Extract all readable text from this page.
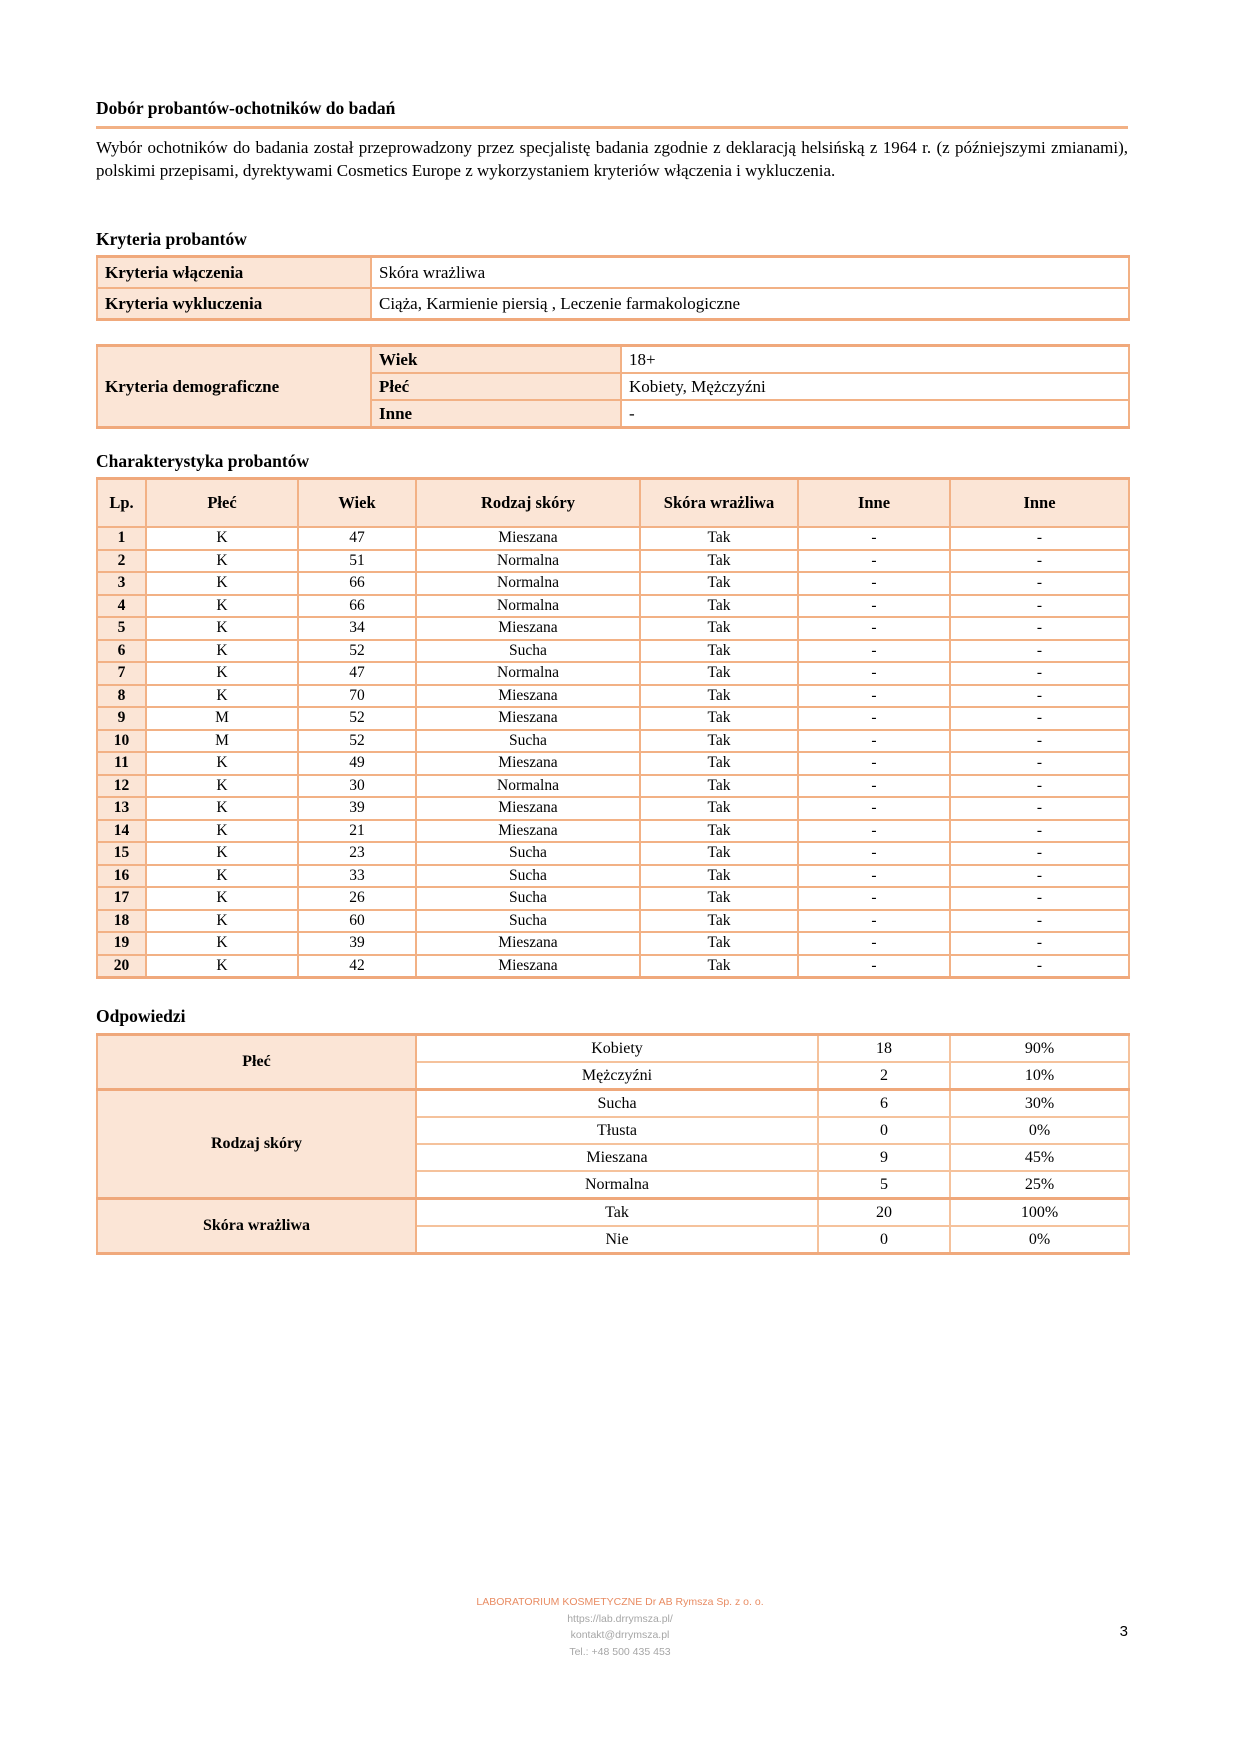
Dobór probantów-ochotników do badań

Wybór ochotników do badania został przeprowadzony przez specjalistę badania zgodnie z deklaracją helsińską z 1964 r. (z późniejszymi zmianami), polskimi przepisami, dyrektywami Cosmetics Europe z wykorzystaniem kryteriów włączenia i wykluczenia.

Kryteria probantów
Kryteria włączenia	Skóra wrażliwa
Kryteria wykluczenia	Ciąża, Karmienie piersią , Leczenie farmakologiczne
Kryteria demograficzne	Wiek	18+
	Płeć	Kobiety, Mężczyźni
	Inne	-
Charakterystyka probantów
Lp.	Płeć	Wiek	Rodzaj skóry	Skóra wrażliwa	Inne	Inne
1	K	47	Mieszana	Tak	-	-
2	K	51	Normalna	Tak	-	-
3	K	66	Normalna	Tak	-	-
4	K	66	Normalna	Tak	-	-
5	K	34	Mieszana	Tak	-	-
6	K	52	Sucha	Tak	-	-
7	K	47	Normalna	Tak	-	-
8	K	70	Mieszana	Tak	-	-
9	M	52	Mieszana	Tak	-	-
10	M	52	Sucha	Tak	-	-
11	K	49	Mieszana	Tak	-	-
12	K	30	Normalna	Tak	-	-
13	K	39	Mieszana	Tak	-	-
14	K	21	Mieszana	Tak	-	-
15	K	23	Sucha	Tak	-	-
16	K	33	Sucha	Tak	-	-
17	K	26	Sucha	Tak	-	-
18	K	60	Sucha	Tak	-	-
19	K	39	Mieszana	Tak	-	-
20	K	42	Mieszana	Tak	-	-
Odpowiedzi
Płeć	Kobiety	18	90%
	Mężczyźni	2	10%
Rodzaj skóry	Sucha	6	30%
	Tłusta	0	0%
	Mieszana	9	45%
	Normalna	5	25%
Skóra wrażliwa	Tak	20	100%
	Nie	0	0%
LABORATORIUM KOSMETYCZNE Dr AB Rymsza Sp. z o. o.
https://lab.drrymsza.pl/
kontakt@drrymsza.pl
Tel.: +48 500 435 453
3
